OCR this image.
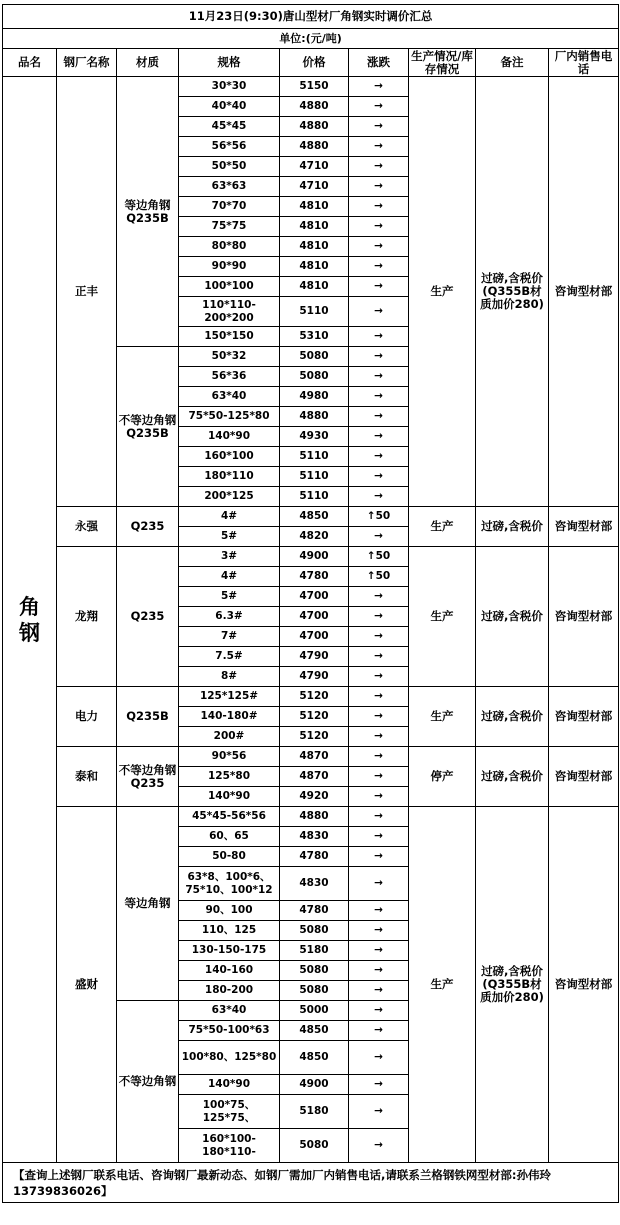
11月23日(9:30)唐山型材厂角钢实时调价汇总								
单位:(元/吨)								
品名	钢厂名称	材质	规格	价格	涨跌	生产情况/库存情况	备注	厂内销售电话
角钢	正丰	等边角钢Q235B	30*30	5150	→	生产	过磅,含税价(Q355B材质加价280)	咨询型材部
			40*40	4880	→			
			45*45	4880	→			
			56*56	4880	→			
			50*50	4710	→			
			63*63	4710	→			
			70*70	4810	→			
			75*75	4810	→			
			80*80	4810	→			
			90*90	4810	→			
			100*100	4810	→			
			110*110-200*200	5110	→			
			150*150	5310	→			
		不等边角钢Q235B	50*32	5080	→			
			56*36	5080	→			
			63*40	4980	→			
			75*50-125*80	4880	→			
			140*90	4930	→			
			160*100	5110	→			
			180*110	5110	→			
			200*125	5110	→			
	永强	Q235	4#	4850	↑50	生产	过磅,含税价	咨询型材部
			5#	4820	→			
	龙翔	Q235	3#	4900	↑50	生产	过磅,含税价	咨询型材部
			4#	4780	↑50			
			5#	4700	→			
			6.3#	4700	→			
			7#	4700	→			
			7.5#	4790	→			
			8#	4790	→			
	电力	Q235B	125*125#	5120	→	生产	过磅,含税价	咨询型材部
			140-180#	5120	→			
			200#	5120	→			
	泰和	不等边角钢Q235	90*56	4870	→	停产	过磅,含税价	咨询型材部
			125*80	4870	→			
			140*90	4920	→			
	盛财	等边角钢	45*45-56*56	4880	→	生产	过磅,含税价(Q355B材质加价280)	咨询型材部
			60、65	4830	→			
			50-80	4780	→			
			63*8、100*6、75*10、100*12	4830	→			
			90、100	4780	→			
			110、125	5080	→			
			130-150-175	5180	→			
			140-160	5080	→			
			180-200	5080	→			
		不等边角钢	63*40	5000	→			
			75*50-100*63	4850	→			
			100*80、125*80	4850	→			
			140*90	4900	→			
			100*75、125*75、	5180	→			
			160*100-180*110-	5080	→			
【查询上述钢厂联系电话、咨询钢厂最新动态、如钢厂需加厂内销售电话,请联系兰格钢铁网型材部:孙伟玲13739836026】								
